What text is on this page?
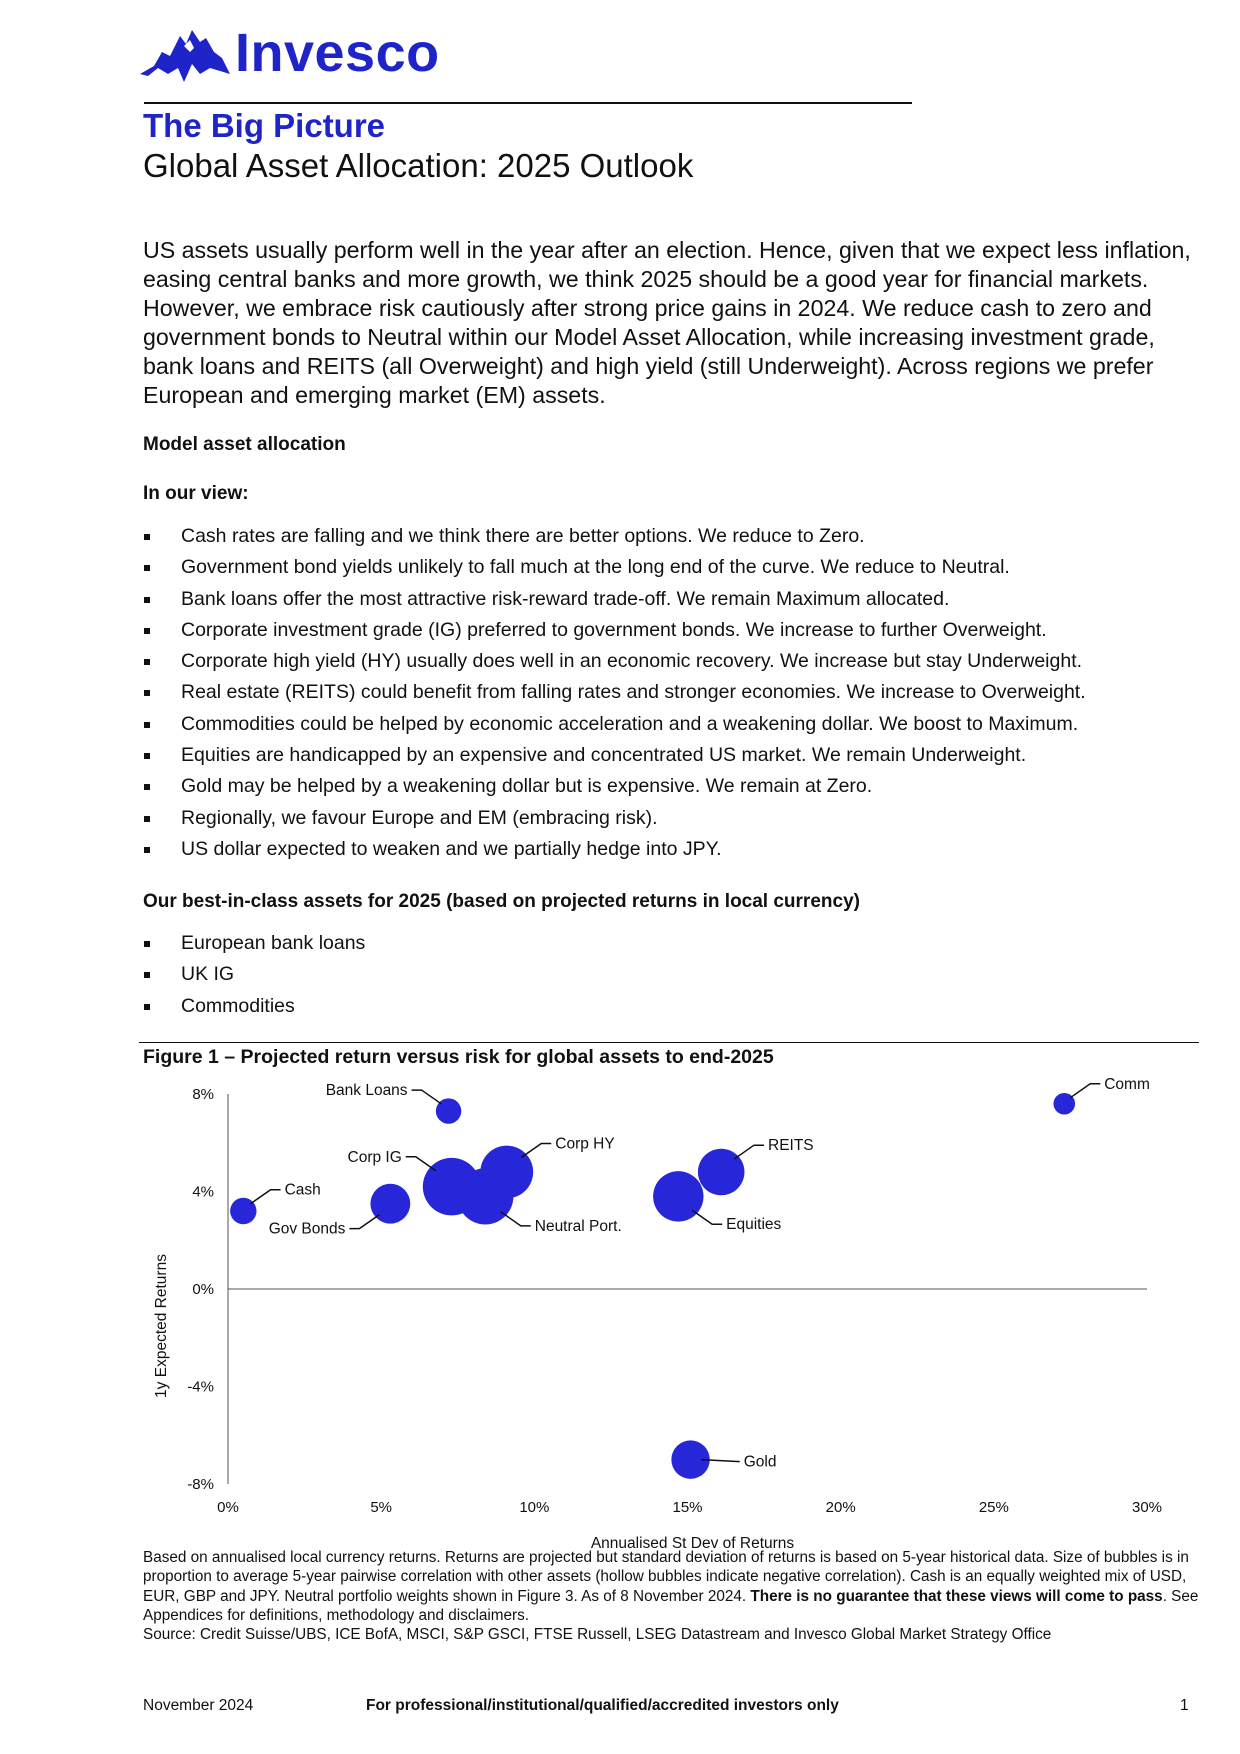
Invesco
The Big Picture
Global Asset Allocation: 2025 Outlook
US assets usually perform well in the year after an election. Hence, given that we expect less inflation, easing central banks and more growth, we think 2025 should be a good year for financial markets. However, we embrace risk cautiously after strong price gains in 2024. We reduce cash to zero and government bonds to Neutral within our Model Asset Allocation, while increasing investment grade, bank loans and REITS (all Overweight) and high yield (still Underweight). Across regions we prefer European and emerging market (EM) assets.
Model asset allocation
In our view:
Cash rates are falling and we think there are better options. We reduce to Zero.
Government bond yields unlikely to fall much at the long end of the curve. We reduce to Neutral.
Bank loans offer the most attractive risk-reward trade-off. We remain Maximum allocated.
Corporate investment grade (IG) preferred to government bonds. We increase to further Overweight.
Corporate high yield (HY) usually does well in an economic recovery. We increase but stay Underweight.
Real estate (REITS) could benefit from falling rates and stronger economies. We increase to Overweight.
Commodities could be helped by economic acceleration and a weakening dollar. We boost to Maximum.
Equities are handicapped by an expensive and concentrated US market. We remain Underweight.
Gold may be helped by a weakening dollar but is expensive. We remain at Zero.
Regionally, we favour Europe and EM (embracing risk).
US dollar expected to weaken and we partially hedge into JPY.
Our best-in-class assets for 2025 (based on projected returns in local currency)
European bank loans
UK IG
Commodities
Figure 1 – Projected return versus risk for global assets to end-2025
8%
4%
0%
-4%
-8%
0%	5%	10%	15%	20%	25%	30%
Annualised St Dev of Returns
1y Expected Returns
Cash
Bank Loans
Gov Bonds
Corp IG
Corp HY
Neutral Port.	Equities
REITS
Comm
Gold
Based on annualised local currency returns. Returns are projected but standard deviation of returns is based on 5-year historical data. Size of bubbles is in proportion to average 5-year pairwise correlation with other assets (hollow bubbles indicate negative correlation). Cash is an equally weighted mix of USD, EUR, GBP and JPY. Neutral portfolio weights shown in Figure 3. As of 8 November 2024. There is no guarantee that these views will come to pass. See Appendices for definitions, methodology and disclaimers.
Source: Credit Suisse/UBS, ICE BofA, MSCI, S&P GSCI, FTSE Russell, LSEG Datastream and Invesco Global Market Strategy Office
November 2024	For professional/institutional/qualified/accredited investors only	1
